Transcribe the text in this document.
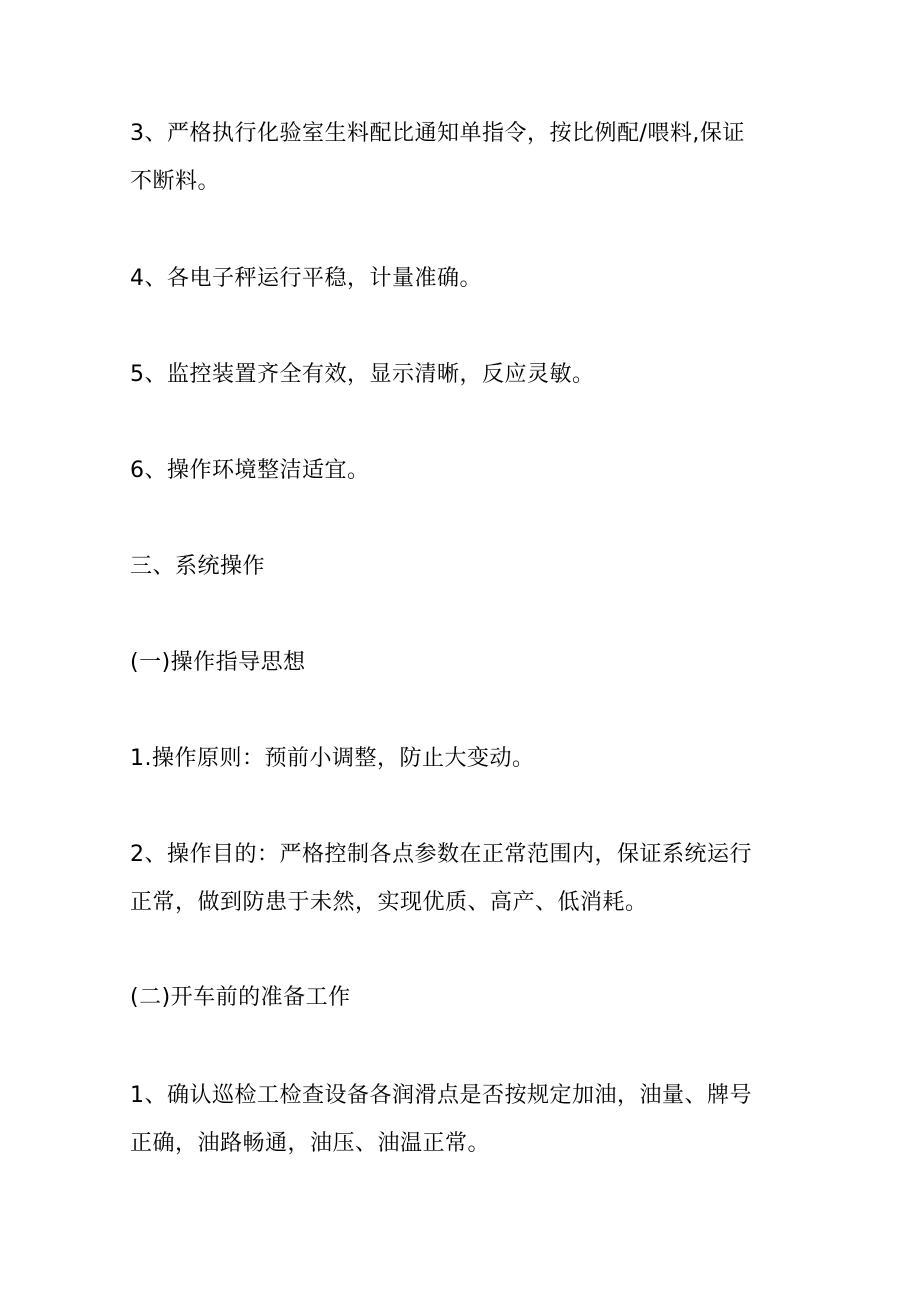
3、严格执行化验室生料配比通知单指令，按比例配/喂料,保证
不断料。

4、各电子秤运行平稳，计量准确。

5、监控装置齐全有效，显示清晰，反应灵敏。

6、操作环境整洁适宜。

三、系统操作

(一)操作指导思想

1.操作原则：预前小调整，防止大变动。

2、操作目的：严格控制各点参数在正常范围内，保证系统运行
正常，做到防患于未然，实现优质、高产、低消耗。

(二)开车前的准备工作

1、确认巡检工检查设备各润滑点是否按规定加油，油量、牌号
正确，油路畅通，油压、油温正常。
